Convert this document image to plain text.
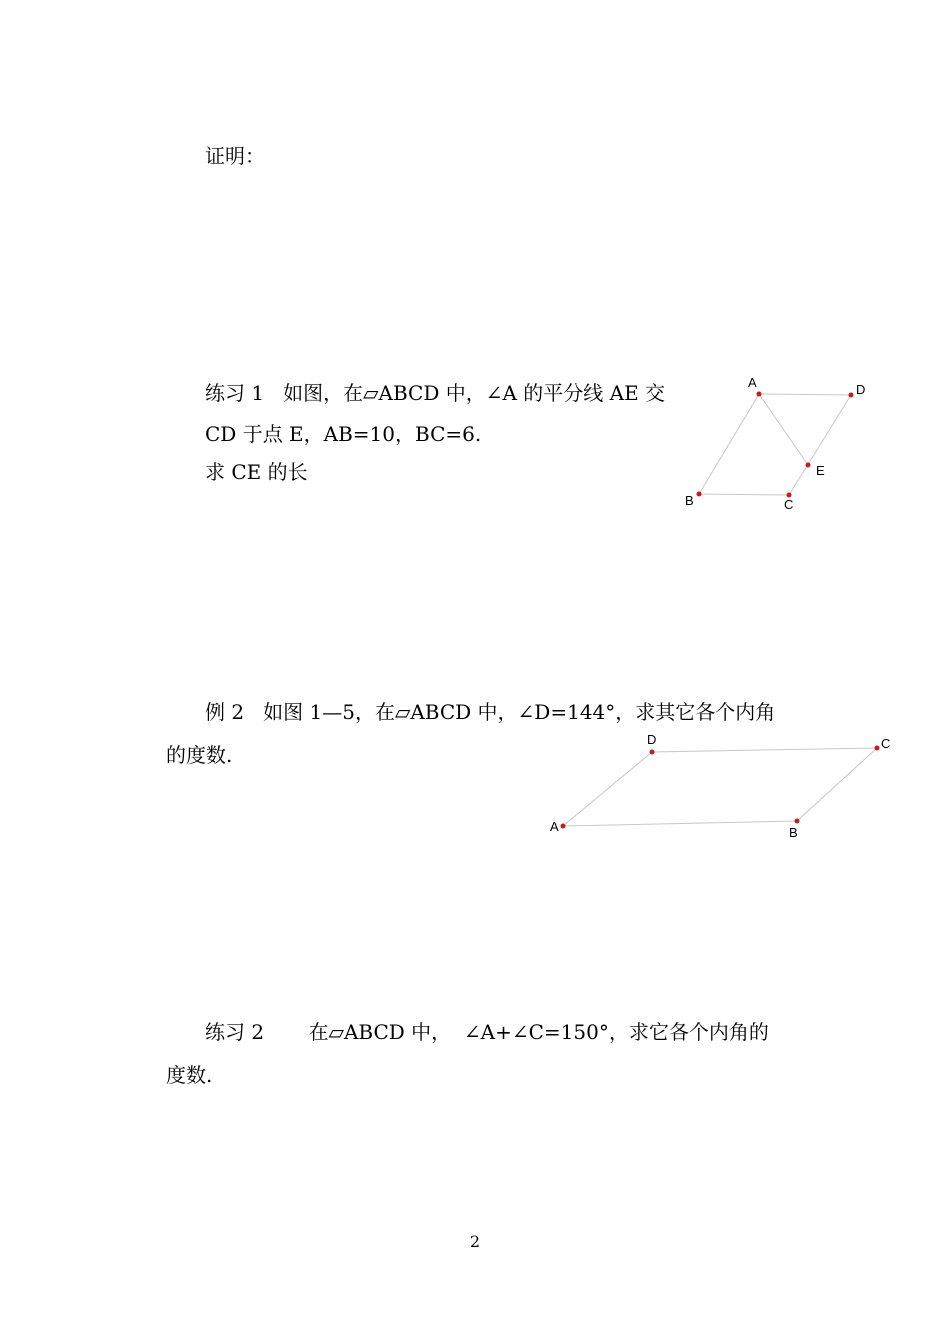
证明：
练习 1   如图，在▱ABCD 中，∠A 的平分线 AE 交
CD 于点 E，AB=10，BC=6.
求 CE 的长
A	D
E
B	C
例 2   如图 1—5，在▱ABCD 中，∠D=144°，求其它各个内角
的度数.
D	C
A	B
练习 2       在▱ABCD 中，  ∠A+∠C=150°，求它各个内角的
度数.
2
